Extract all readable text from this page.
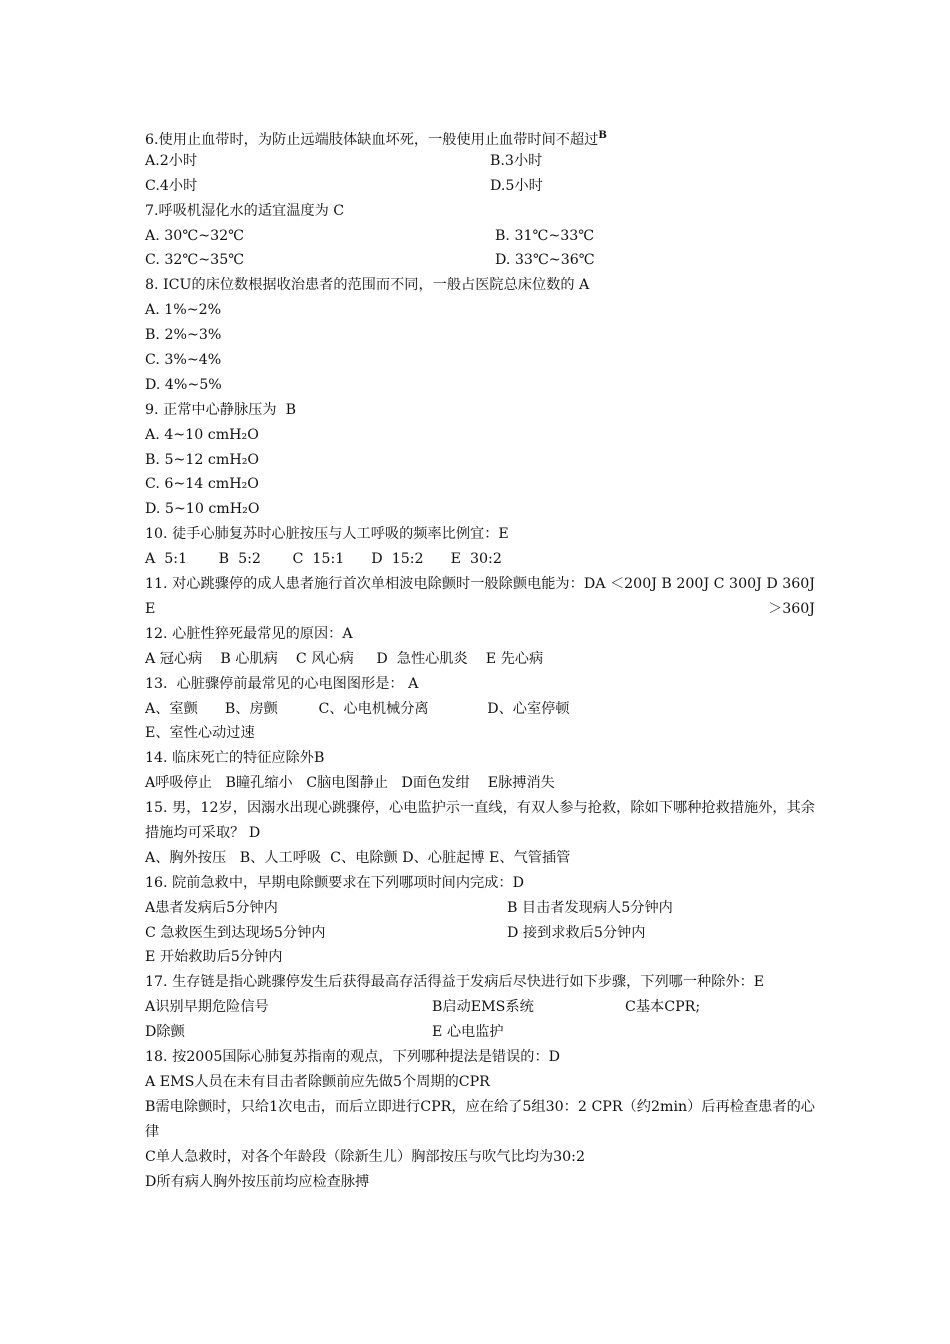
6.使用止血带时，为防止远端肢体缺血坏死，一般使用止血带时间不超过$^B$
A.2小时	B.3小时
C.4小时	D.5小时
7.呼吸机湿化水的适宜温度为 C
A. 30℃~32℃	B. 31℃~33℃
C. 32℃~35℃	D. 33℃~36℃
8. ICU的床位数根据收治患者的范围而不同，一般占医院总床位数的 A
A. 1%~2%
B. 2%~3%
C. 3%~4%
D. 4%~5%
9. 正常中心静脉压为  B
A. 4~10 cmH₂O
B. 5~12 cmH₂O
C. 6~14 cmH₂O
D. 5~10 cmH₂O
10. 徒手心肺复苏时心脏按压与人工呼吸的频率比例宜：E
A  5:1       B  5:2       C  15:1      D  15:2      E  30:2
11. 对心跳骤停的成人患者施行首次单相波电除颤时一般除颤电能为：DA ＜200J B 200J C 300J D 360J E ＞360J
12. 心脏性猝死最常见的原因：A
A 冠心病    B 心肌病    C 风心病     D  急性心肌炎    E 先心病
13.  心脏骤停前最常见的心电图图形是： A
A、室颤      B、房颤         C、心电机械分离             D、心室停顿
E、室性心动过速
14. 临床死亡的特征应除外B
A呼吸停止   B瞳孔缩小   C脑电图静止   D面色发绀    E脉搏消失
15. 男，12岁，因溺水出现心跳骤停，心电监护示一直线，有双人参与抢救，除如下哪种抢救措施外，其余措施均可采取？ D
A、胸外按压   B、人工呼吸  C、电除颤 D、心脏起博 E、气管插管
16. 院前急救中，早期电除颤要求在下列哪项时间内完成：D
A患者发病后5分钟内	B 目击者发现病人5分钟内
C 急救医生到达现场5分钟内	D 接到求救后5分钟内
E 开始救助后5分钟内
17. 生存链是指心跳骤停发生后获得最高存活得益于发病后尽快进行如下步骤，下列哪一种除外：E
A识别早期危险信号	B启动EMS系统	C基本CPR;
D除颤	E 心电监护
18. 按2005国际心肺复苏指南的观点，下列哪种提法是错误的：D
A EMS人员在未有目击者除颤前应先做5个周期的CPR
B需电除颤时，只给1次电击，而后立即进行CPR，应在给了5组30：2 CPR（约2min）后再检查患者的心律
C单人急救时，对各个年龄段（除新生儿）胸部按压与吹气比均为30:2
D所有病人胸外按压前均应检查脉搏
